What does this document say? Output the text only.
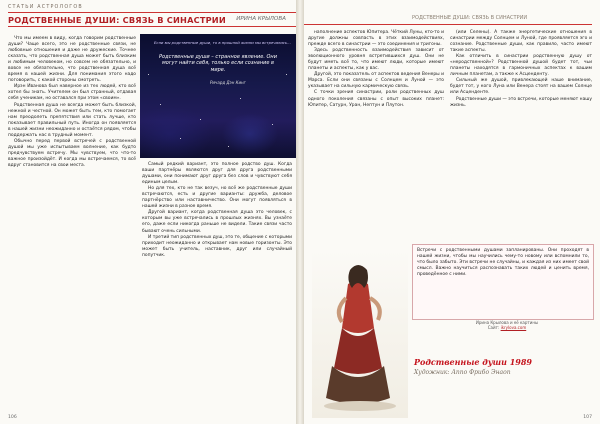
СТАТЬИ АСТРОЛОГОВ
РОДСТВЕННЫЕ ДУШИ: СВЯЗЬ В СИНАСТРИИ ИРИНА КРЫЛОВА
Если мы родственные души, то в прошлой жизни мы встречались…
Родственные души – странное явление. Они могут найти себя, только если сознание в мире.
Ричард Дэн Кинг

Что мы имеем в виду, когда говорим родственные души? Чаще всего, это не родственные связи, не любовные отношения и даже не дружеские. Точнее сказать, что родственная душа может быть близким и любимым человеком, но совсем не обязательно, и вовсе не обязательно, что родственная душа всё время в нашей жизни. Для понимания этого надо поговорить, с какой стороны смотреть.

Ирэн Иванова был наверное из тех людей, кто всё хотел бы знать. Учителем он был странный, отдавая себя ученикам, но оставался при этом «своим».

Родственная душа не всегда может быть близкой, нежной и честной. Он может быть тем, кто помогает нам преодолеть препятствия или стать лучше, кто показывает правильный путь. Иногда он появляется в нашей жизни неожиданно и остаётся рядом, чтобы поддержать нас в трудный момент.

Обычно перед первой встречей с родственной душой мы уже испытываем волнение, как будто предчувствуем встречу. Мы чувствуем, что что-то важное произойдёт. И когда мы встречаемся, то всё вдруг становится на свои места.	Самый редкий вариант, это полное родство душ. Когда ваши партнёры являются друг для друга родственными душами, они понимают друг друга без слов и чувствуют себя единым целым.

Но для тех, кто не так везуч, но всё же родственные души встречаются, есть и другие варианты: дружба, деловое партнёрство или наставничество. Они могут появляться в нашей жизни в разное время.

Другой вариант, когда родственная душа это человек, с которым вы уже встречались в прошлых жизнях. Вы узнаёте его, даже если никогда раньше не видели. Такие связи часто бывают очень сильными.

И третий тип родственных душ, это те, общение с которыми приходит неожиданно и открывает нам новые горизонты. Это может быть учитель, наставник, друг или случайный попутчик.

106
РОДСТВЕННЫЕ ДУШИ: СВЯЗЬ В СИНАСТРИИ

наполнение аспектов Юпитера. Чёткий Луны, кто-то и другие должны совпасть в этих взаимодействиях, прежде всего в синастрии — это соединения и тригоны.

Здесь родственность взаимодействия зависит от эволюционного уровня встретившихся душ. Они не будут иметь всё то, что имеют люди, которые имеют планеты и аспекты, как у вас.

Другой, это показатель от аспектов ведения Венеры и Марса. Если они связаны с Солнцем и Луной — это указывает на сильную кармическую связь.

С точки зрения синастрии, роли родственных душ одного поколения связаны с опыт высоких планет: Юпитер, Сатурн, Уран, Нептун и Плутон.

(или Селены). А также энергетические отношения в синастрии между Солнцем и Луной, где проявляется эго и сознание. Родственные души, как правило, часто имеют такие аспекты.

Как отличить в синастрии родственную душу от «неродственной»? Родственной душой будет тот, чьи планеты находятся в гармоничных аспектах к вашим личным планетам, а также к Асценденту.

Сильный же душой, привлекающей наше внимание, будет тот, у кого Луна или Венера стоят на вашем Солнце или Асценденте.

Родственные души — это встречи, которые меняют нашу жизнь.

107
Встречи с родственными душами запланированы. Они проходят в нашей жизни, чтобы мы научились чему-то новому или вспомнили то, что было забыто. Эти встречи не случайны, и каждая из них имеет свой смысл. Важно научиться распознавать таких людей и ценить время, проведённое с ними.
Ирина Крылова и её картины
Сайт: ikrylova.com
Родственные души 1989
Художник: Аnnо Фрибо Энаоп
